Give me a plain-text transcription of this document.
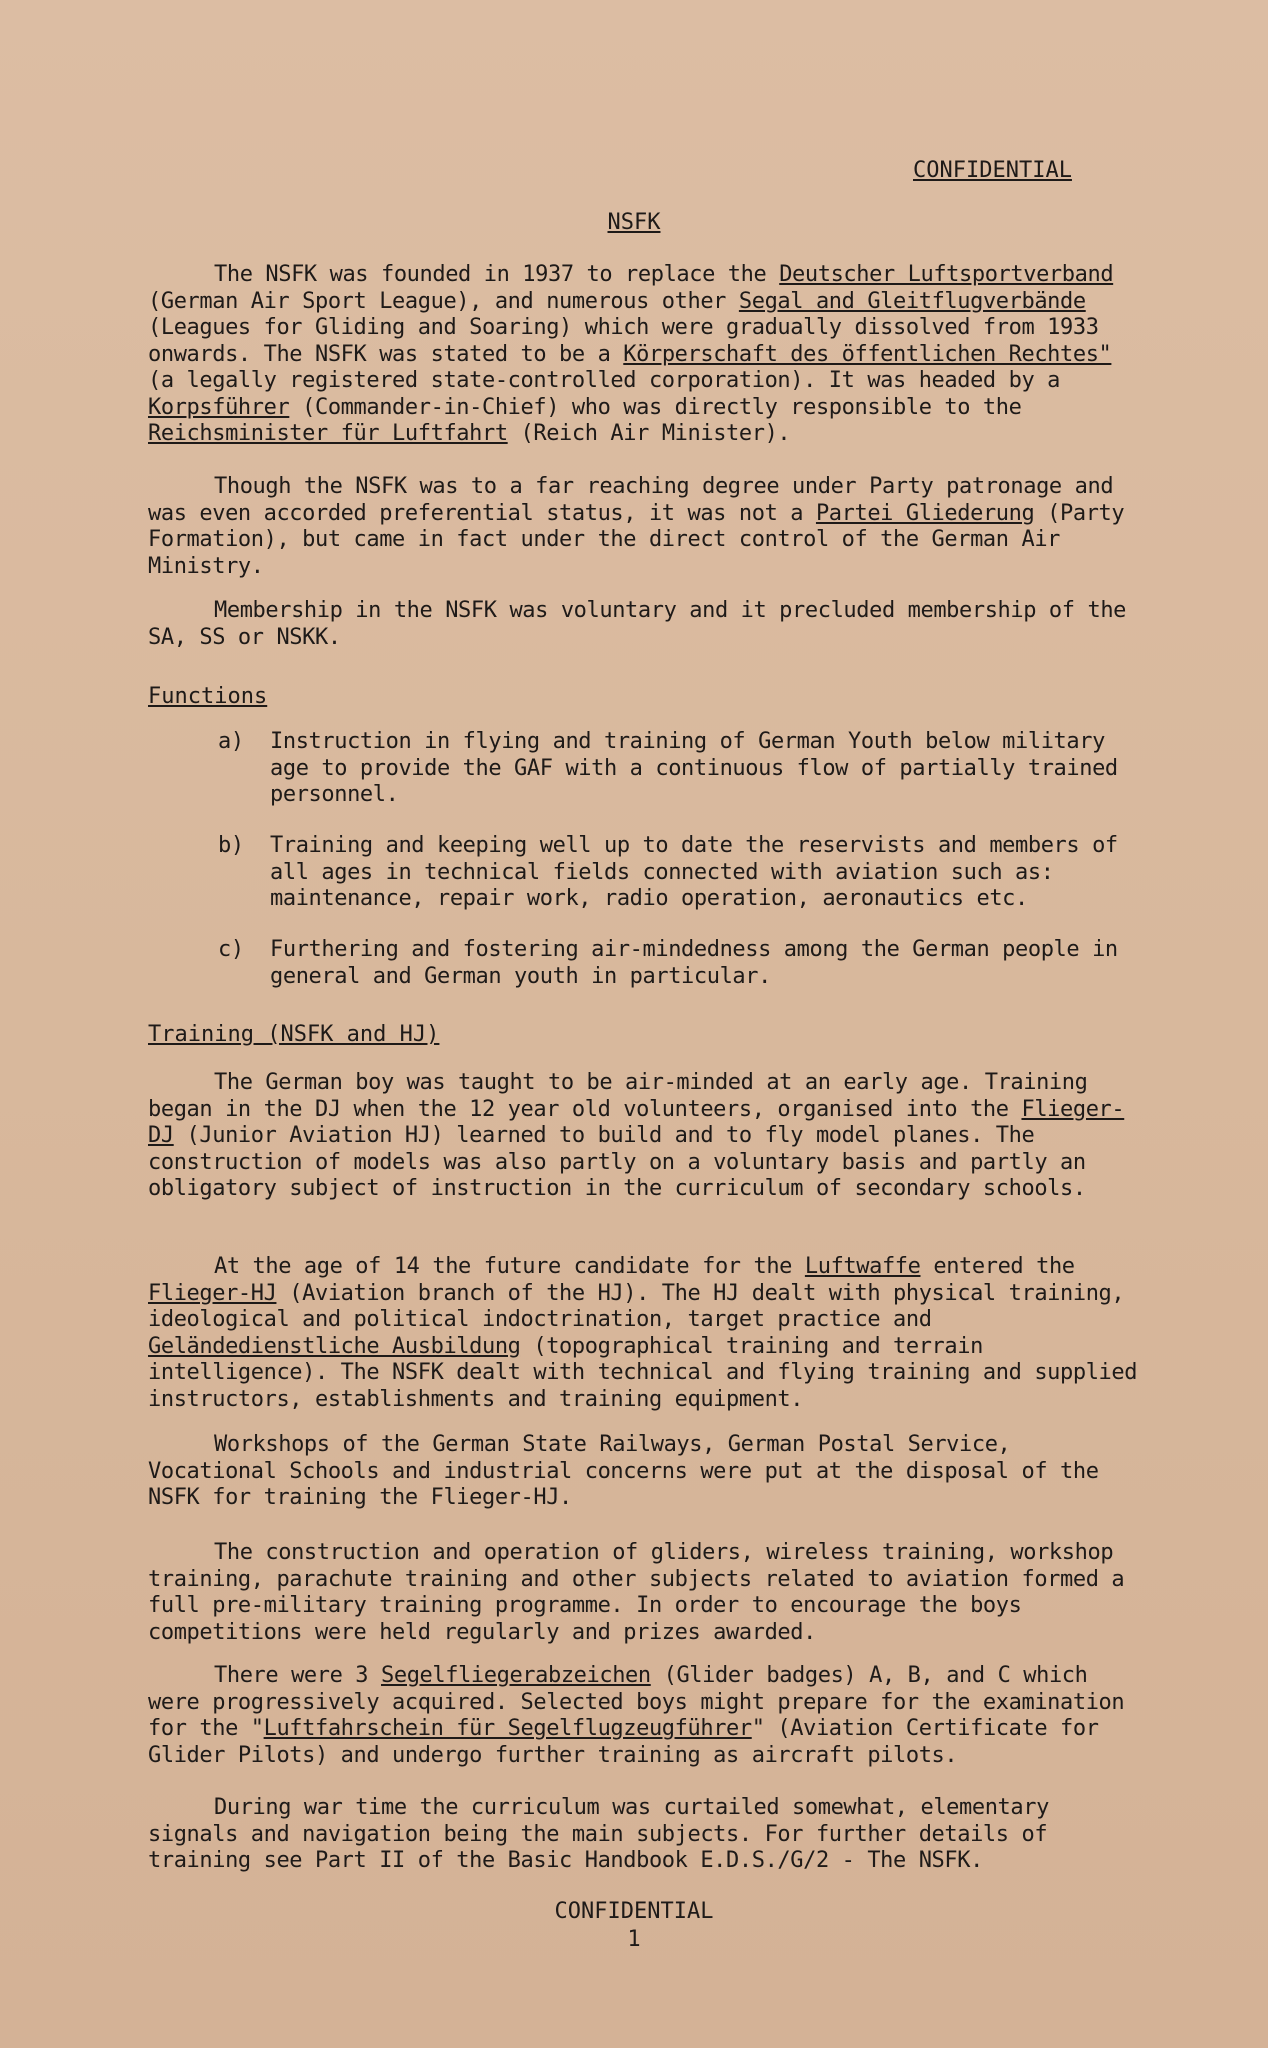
CONFIDENTIAL
NSFK

The NSFK was founded in 1937 to replace the Deutscher Luftsportverband (German Air Sport League), and numerous other Segal and Gleitflugverbände (Leagues for Gliding and Soaring) which were gradually dissolved from 1933 onwards. The NSFK was stated to be a Körperschaft des öffentlichen Rechtes" (a legally registered state-controlled corporation). It was headed by a Korpsführer (Commander-in-Chief) who was directly responsible to the Reichsminister für Luftfahrt (Reich Air Minister).

Though the NSFK was to a far reaching degree under Party patronage and was even accorded preferential status, it was not a Partei Gliederung (Party Formation), but came in fact under the direct control of the German Air Ministry.

Membership in the NSFK was voluntary and it precluded membership of the SA, SS or NSKK.

Functions
a) Instruction in flying and training of German Youth below military age to provide the GAF with a continuous flow of partially trained personnel.
b) Training and keeping well up to date the reservists and members of all ages in technical fields connected with aviation such as: maintenance, repair work, radio operation, aeronautics etc.
c) Furthering and fostering air-mindedness among the German people in general and German youth in particular.
Training (NSFK and HJ)

The German boy was taught to be air-minded at an early age. Training began in the DJ when the 12 year old volunteers, organised into the Flieger-DJ (Junior Aviation HJ) learned to build and to fly model planes. The construction of models was also partly on a voluntary basis and partly an obligatory subject of instruction in the curriculum of secondary schools.

At the age of 14 the future candidate for the Luftwaffe entered the Flieger-HJ (Aviation branch of the HJ). The HJ dealt with physical training, ideological and political indoctrination, target practice and Geländedienstliche Ausbildung (topographical training and terrain intelligence). The NSFK dealt with technical and flying training and supplied instructors, establishments and training equipment.

Workshops of the German State Railways, German Postal Service, Vocational Schools and industrial concerns were put at the disposal of the NSFK for training the Flieger-HJ.

The construction and operation of gliders, wireless training, workshop training, parachute training and other subjects related to aviation formed a full pre-military training programme. In order to encourage the boys competitions were held regularly and prizes awarded.

There were 3 Segelfliegerabzeichen (Glider badges) A, B, and C which were progressively acquired. Selected boys might prepare for the examination for the "Luftfahrschein für Segelflugzeugführer" (Aviation Certificate for Glider Pilots) and undergo further training as aircraft pilots.

During war time the curriculum was curtailed somewhat, elementary signals and navigation being the main subjects. For further details of training see Part II of the Basic Handbook E.D.S./G/2 - The NSFK.

CONFIDENTIAL
1
